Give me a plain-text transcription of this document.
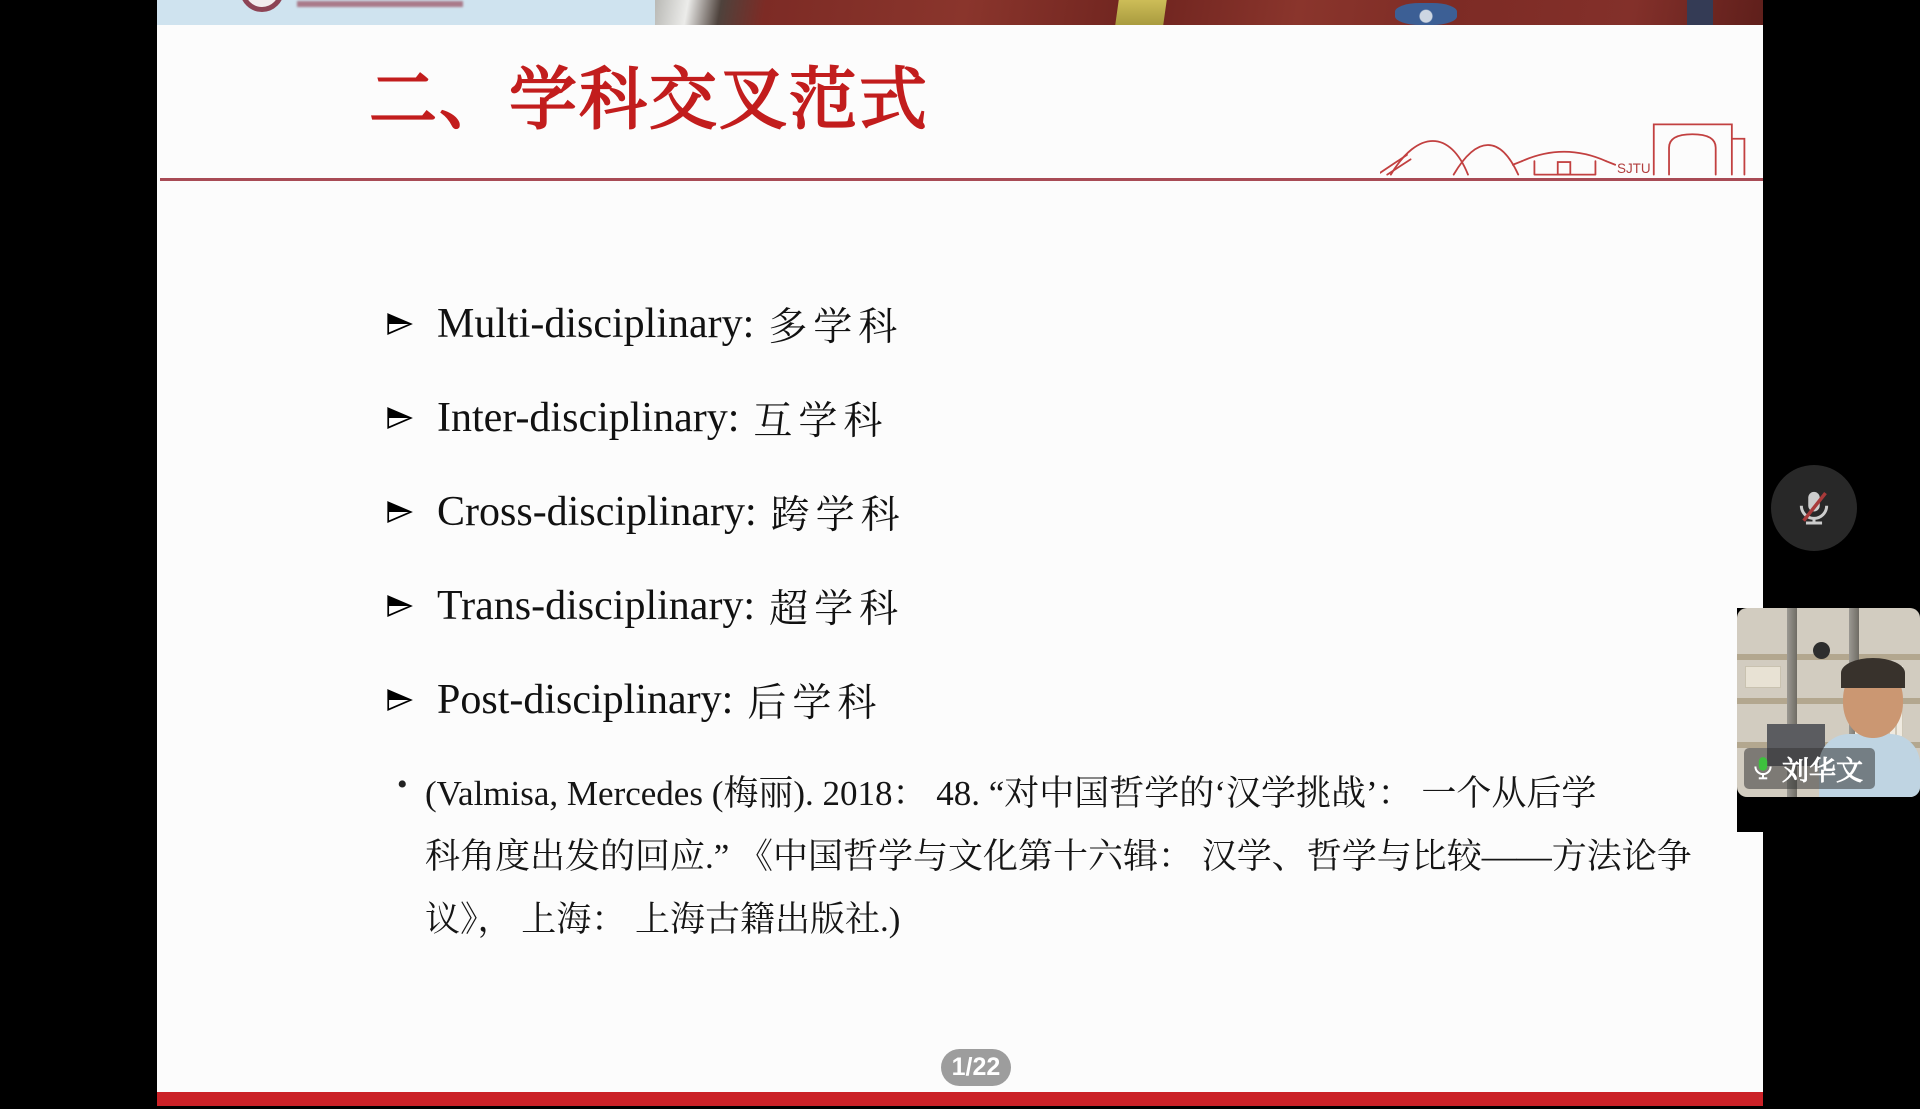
二、学科交叉范式
SJTU
Multi-disciplinary: 多学科
Inter-disciplinary: 互学科
Cross-disciplinary: 跨学科
Trans-disciplinary: 超学科
Post-disciplinary: 后学科
• (Valmisa, Mercedes (梅丽). 2018： 48. “对中国哲学的‘汉学挑战’： 一个从后学
科角度出发的回应.” 《中国哲学与文化第十六辑： 汉学、哲学与比较——方法论争
议》， 上海： 上海古籍出版社.)
1/22
刘华文
